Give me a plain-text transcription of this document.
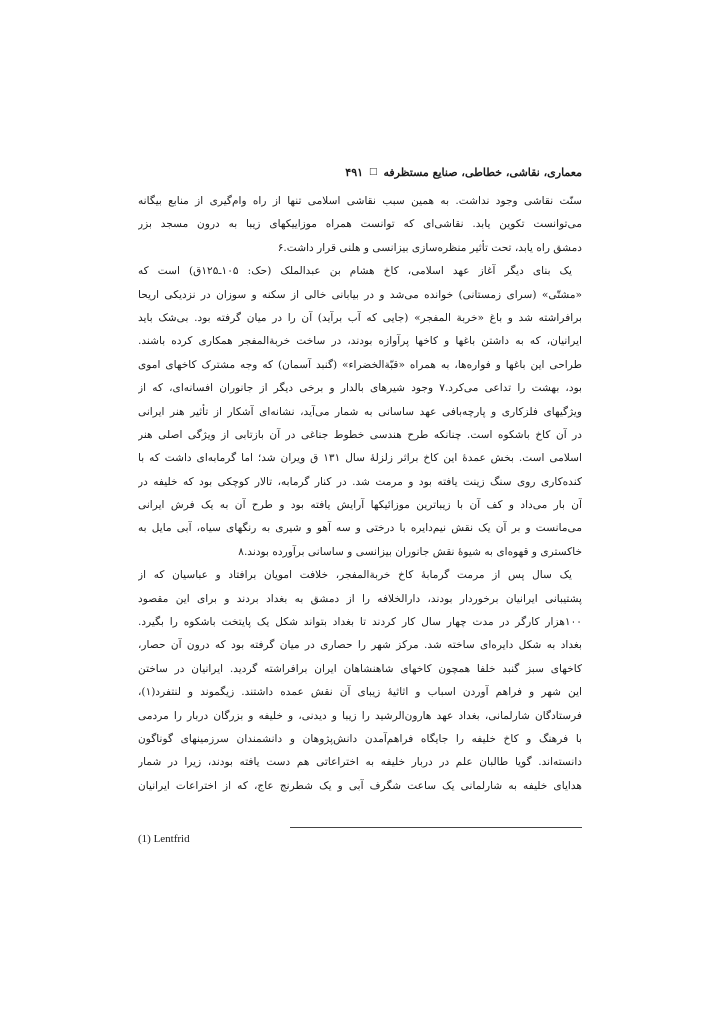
معماری، نقاشی، خطاطی، صنایع مستظرفه
□
۴۹۱
سنّت نقاشی وجود نداشت. به همین سبب نقاشی اسلامی تنها از راه وام‌گیری از منابع بیگانه
می‌توانست تکوین یابد. نقاشی‌ای که توانست همراه موزاییکهای زیبا به درون مسجد بزر
دمشق راه یابد، تحت تأثیر منظره‌سازی بیزانسی و هلنی قرار داشت.۶
یک بنای دیگر آغاز عهد اسلامی، کاخ هشام بن عبدالملک (حک: ۱۰۵ـ۱۲۵ق) است که
«مشتّی» (سرای زمستانی) خوانده می‌شد و در بیابانی خالی از سکنه و سوزان در نزدیکی اریحا
برافراشته شد و باغ «خربة المفجر» (جایی که آب برآید) آن را در میان گرفته بود. بی‌شک باید
ایرانیان، که به داشتن باغها و کاخها پرآوازه بودند، در ساخت خربةالمفجر همکاری کرده باشند.
طراحی این باغها و فواره‌ها، به همراه «قبّةالخضراء» (گنبد آسمان) که وجه مشترک کاخهای اموی
بود، بهشت را تداعی می‌کرد.۷ وجود شیرهای بالدار و برخی دیگر از جانوران افسانه‌ای، که از
ویژگیهای فلزکاری و پارچه‌بافی عهد ساسانی به شمار می‌آید، نشانه‌ای آشکار از تأثیر هنر ایرانی
در آن کاخ باشکوه است. چنانکه طرح هندسی خطوط جناغی در آن بازتابی از ویژگی اصلی هنر
اسلامی است. بخش عمدهٔ این کاخ براثر زلزلهٔ سال ۱۳۱ ق ویران شد؛ اما گرمابه‌ای داشت که با
کنده‌کاری روی سنگ زینت یافته بود و مرمت شد. در کنار گرمابه، تالار کوچکی بود که خلیفه در
آن بار می‌داد و کف آن با زیباترین موزائیکها آرایش یافته بود و طرح آن به یک فرش ایرانی
می‌مانست و بر آن یک نقش نیم‌دایره با درختی و سه آهو و شیری به رنگهای سیاه، آبی مایل به
خاکستری و قهوه‌ای به شیوهٔ نقش جانوران بیزانسی و ساسانی برآورده بودند.۸
یک سال پس از مرمت گرمابهٔ کاخ خربةالمفجر، خلافت امویان برافتاد و عباسیان که از
پشتیبانی ایرانیان برخوردار بودند، دارالخلافه را از دمشق به بغداد بردند و برای این مقصود
۱۰۰هزار کارگر در مدت چهار سال کار کردند تا بغداد بتواند شکل یک پایتخت باشکوه را بگیرد.
بغداد به شکل دایره‌ای ساخته شد. مرکز شهر را حصاری در میان گرفته بود که درون آن حصار،
کاخهای سبز گنبد خلفا همچون کاخهای شاهنشاهان ایران برافراشته گردید. ایرانیان در ساختن
این شهر و فراهم آوردن اسباب و اثاثیهٔ زیبای آن نقش عمده داشتند. زیگموند و لنتفرد(۱)،
فرستادگان شارلمانی، بغداد عهد هارون‌الرشید را زیبا و دیدنی، و خلیفه و بزرگان دربار را مردمی
با فرهنگ و کاخ خلیفه را جایگاه فراهم‌آمدن دانش‌پژوهان و دانشمندان سرزمینهای گوناگون
دانسته‌اند. گویا طالبان علم در دربار خلیفه به اختراعاتی هم دست یافته بودند، زیرا در شمار
هدایای خلیفه به شارلمانی یک ساعت شگرف آبی و یک شطرنج عاج، که از اختراعات ایرانیان
(1) Lentfrid
